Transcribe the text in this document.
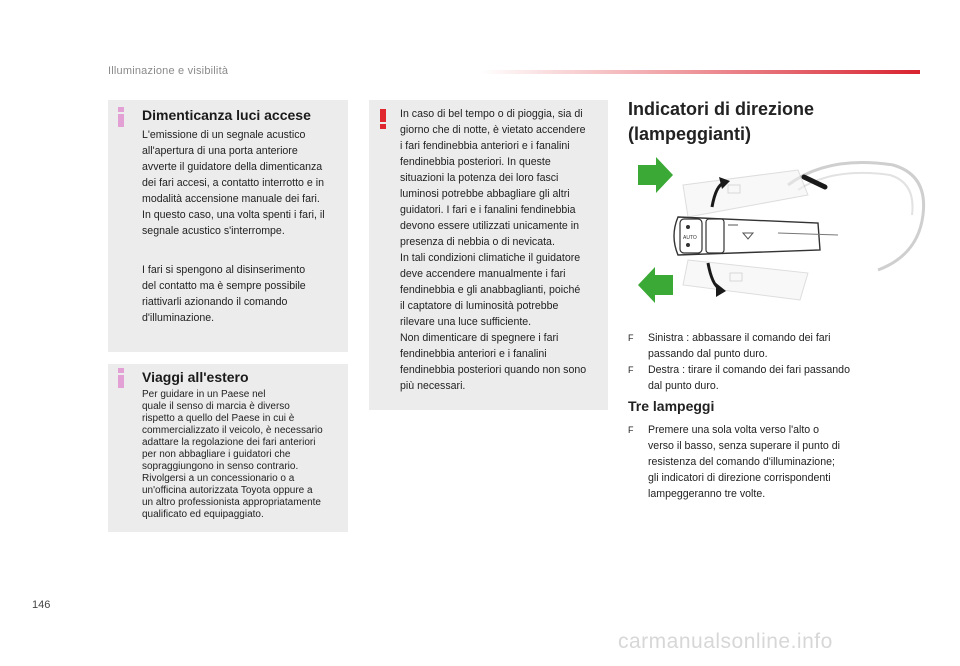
Illuminazione e visibilità
Dimenticanza luci accese
L'emissione di un segnale acustico
all'apertura di una porta anteriore
avverte il guidatore della dimenticanza
dei fari accesi, a contatto interrotto e in
modalità accensione manuale dei fari.
In questo caso, una volta spenti i fari, il
segnale acustico s'interrompe.
I fari si spengono al disinserimento
del contatto ma è sempre possibile
riattivarli azionando il comando
d'illuminazione.
Viaggi all'estero
Per guidare in un Paese nel
quale il senso di marcia è diverso
rispetto a quello del Paese in cui è
commercializzato il veicolo, è necessario
adattare la regolazione dei fari anteriori
per non abbagliare i guidatori che
sopraggiungono in senso contrario.
Rivolgersi a un concessionario o a
un'officina autorizzata Toyota oppure a
un altro professionista appropriatamente
qualificato ed equipaggiato.
In caso di bel tempo o di pioggia, sia di
giorno che di notte, è vietato accendere
i fari fendinebbia anteriori e i fanalini
fendinebbia posteriori. In queste
situazioni la potenza dei loro fasci
luminosi potrebbe abbagliare gli altri
guidatori. I fari e i fanalini fendinebbia
devono essere utilizzati unicamente in
presenza di nebbia o di nevicata.
In tali condizioni climatiche il guidatore
deve accendere manualmente i fari
fendinebbia e gli anabbaglianti, poiché
il captatore di luminosità potrebbe
rilevare una luce sufficiente.
Non dimenticare di spegnere i fari
fendinebbia anteriori e i fanalini
fendinebbia posteriori quando non sono
più necessari.
Indicatori di direzione
(lampeggianti)
AUTO
F Sinistra : abbassare il comando dei fari
passando dal punto duro.
F Destra : tirare il comando dei fari passando
dal punto duro.
Tre lampeggi
F Premere una sola volta verso l'alto o
verso il basso, senza superare il punto di
resistenza del comando d'illuminazione;
gli indicatori di direzione corrispondenti
lampeggeranno tre volte.
146
carmanualsonline.info
